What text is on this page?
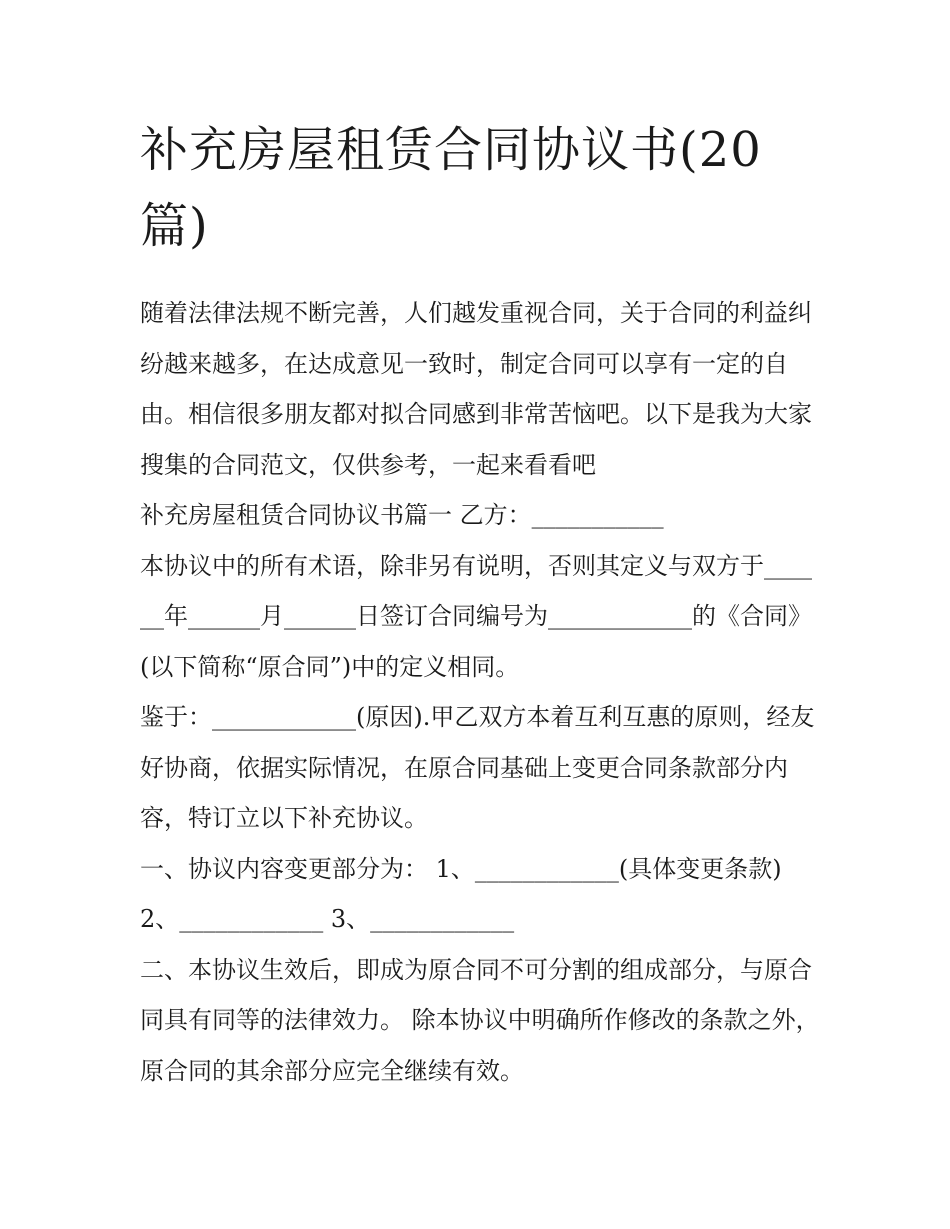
补充房屋租赁合同协议书(20
篇)

随着法律法规不断完善，人们越发重视合同，关于合同的利益纠纷越来越多，在达成意见一致时，制定合同可以享有一定的自由。相信很多朋友都对拟合同感到非常苦恼吧。以下是我为大家搜集的合同范文，仅供参考，一起来看看吧

补充房屋租赁合同协议书篇一 乙方：___________

本协议中的所有术语，除非另有说明，否则其定义与双方于______年______月______日签订合同编号为____________的《合同》(以下简称“原合同”)中的定义相同。

鉴于：____________(原因).甲乙双方本着互利互惠的原则，经友好协商，依据实际情况，在原合同基础上变更合同条款部分内容，特订立以下补充协议。

一、协议内容变更部分为： 1、____________(具体变更条款) 2、____________ 3、____________

二、本协议生效后，即成为原合同不可分割的组成部分，与原合同具有同等的法律效力。 除本协议中明确所作修改的条款之外，原合同的其余部分应完全继续有效。
